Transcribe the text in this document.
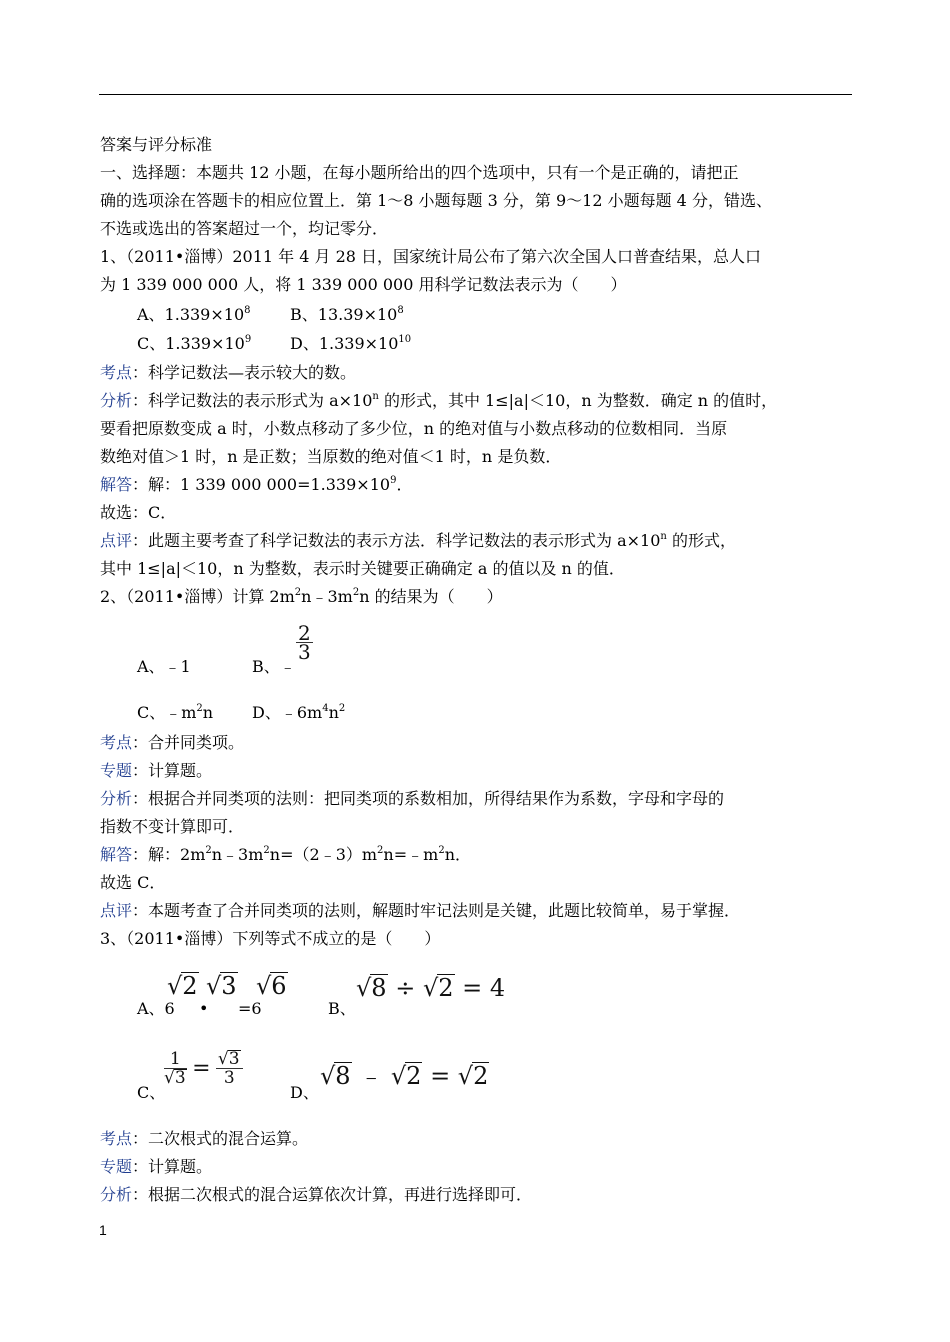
答案与评分标准
一、选择题：本题共 12 小题，在每小题所给出的四个选项中，只有一个是正确的，请把正
确的选项涂在答题卡的相应位置上．第 1～8 小题每题 3 分，第 9～12 小题每题 4 分，错选、
不选或选出的答案超过一个，均记零分．
1、（2011•淄博）2011 年 4 月 28 日，国家统计局公布了第六次全国人口普查结果，总人口
为 1 339 000 000 人，将 1 339 000 000 用科学记数法表示为（　　）
A、$1.339\times 10^8$ B、$13.39\times 10^8$
C、$1.339\times 10^9$ D、$1.339\times 10^{10}$
考点：科学记数法—表示较大的数。
分析：科学记数法的表示形式为 $a\times 10^n$ 的形式，其中 1≤|a|＜10，n 为整数．确定 n 的值时，
要看把原数变成 a 时，小数点移动了多少位，n 的绝对值与小数点移动的位数相同．当原
数绝对值＞1 时，n 是正数；当原数的绝对值＜1 时，n 是负数．
解答：解：1 339 000 $000=1.339\times 10^9$．
故选：C．
点评：此题主要考查了科学记数法的表示方法．科学记数法的表示形式为 $a\times 10^n$ 的形式，
其中 1≤|a|＜10，n 为整数，表示时关键要正确确定 a 的值以及 n 的值．
2、（2011•淄博）计算 $2m^2n﹣3m^2n$ 的结果为（　　）
A、﹣1	B、﹣
$\frac{2}{3}$
C、$﹣m^2n$ D、$﹣6m^4n^2$
考点：合并同类项。
专题：计算题。
分析：根据合并同类项的法则：把同类项的系数相加，所得结果作为系数，字母和字母的
指数不变计算即可．
解答：解：$2m^2n﹣3m^2n=(2﹣3)m^2n=﹣m^2n$．
故选 C．
点评：本题考查了合并同类项的法则，解题时牢记法则是关键，此题比较简单，易于掌握．
3、（2011•淄博）下列等式不成立的是（　　）
A、6
√2 √3 √6
• =6	B、
√8 ÷ √2 = 4
C、
$\frac{1}{√3} = \frac{√3}{3}$
D、
√8 ﹣ √2 = √2
考点：二次根式的混合运算。
专题：计算题。
分析：根据二次根式的混合运算依次计算，再进行选择即可．
1
